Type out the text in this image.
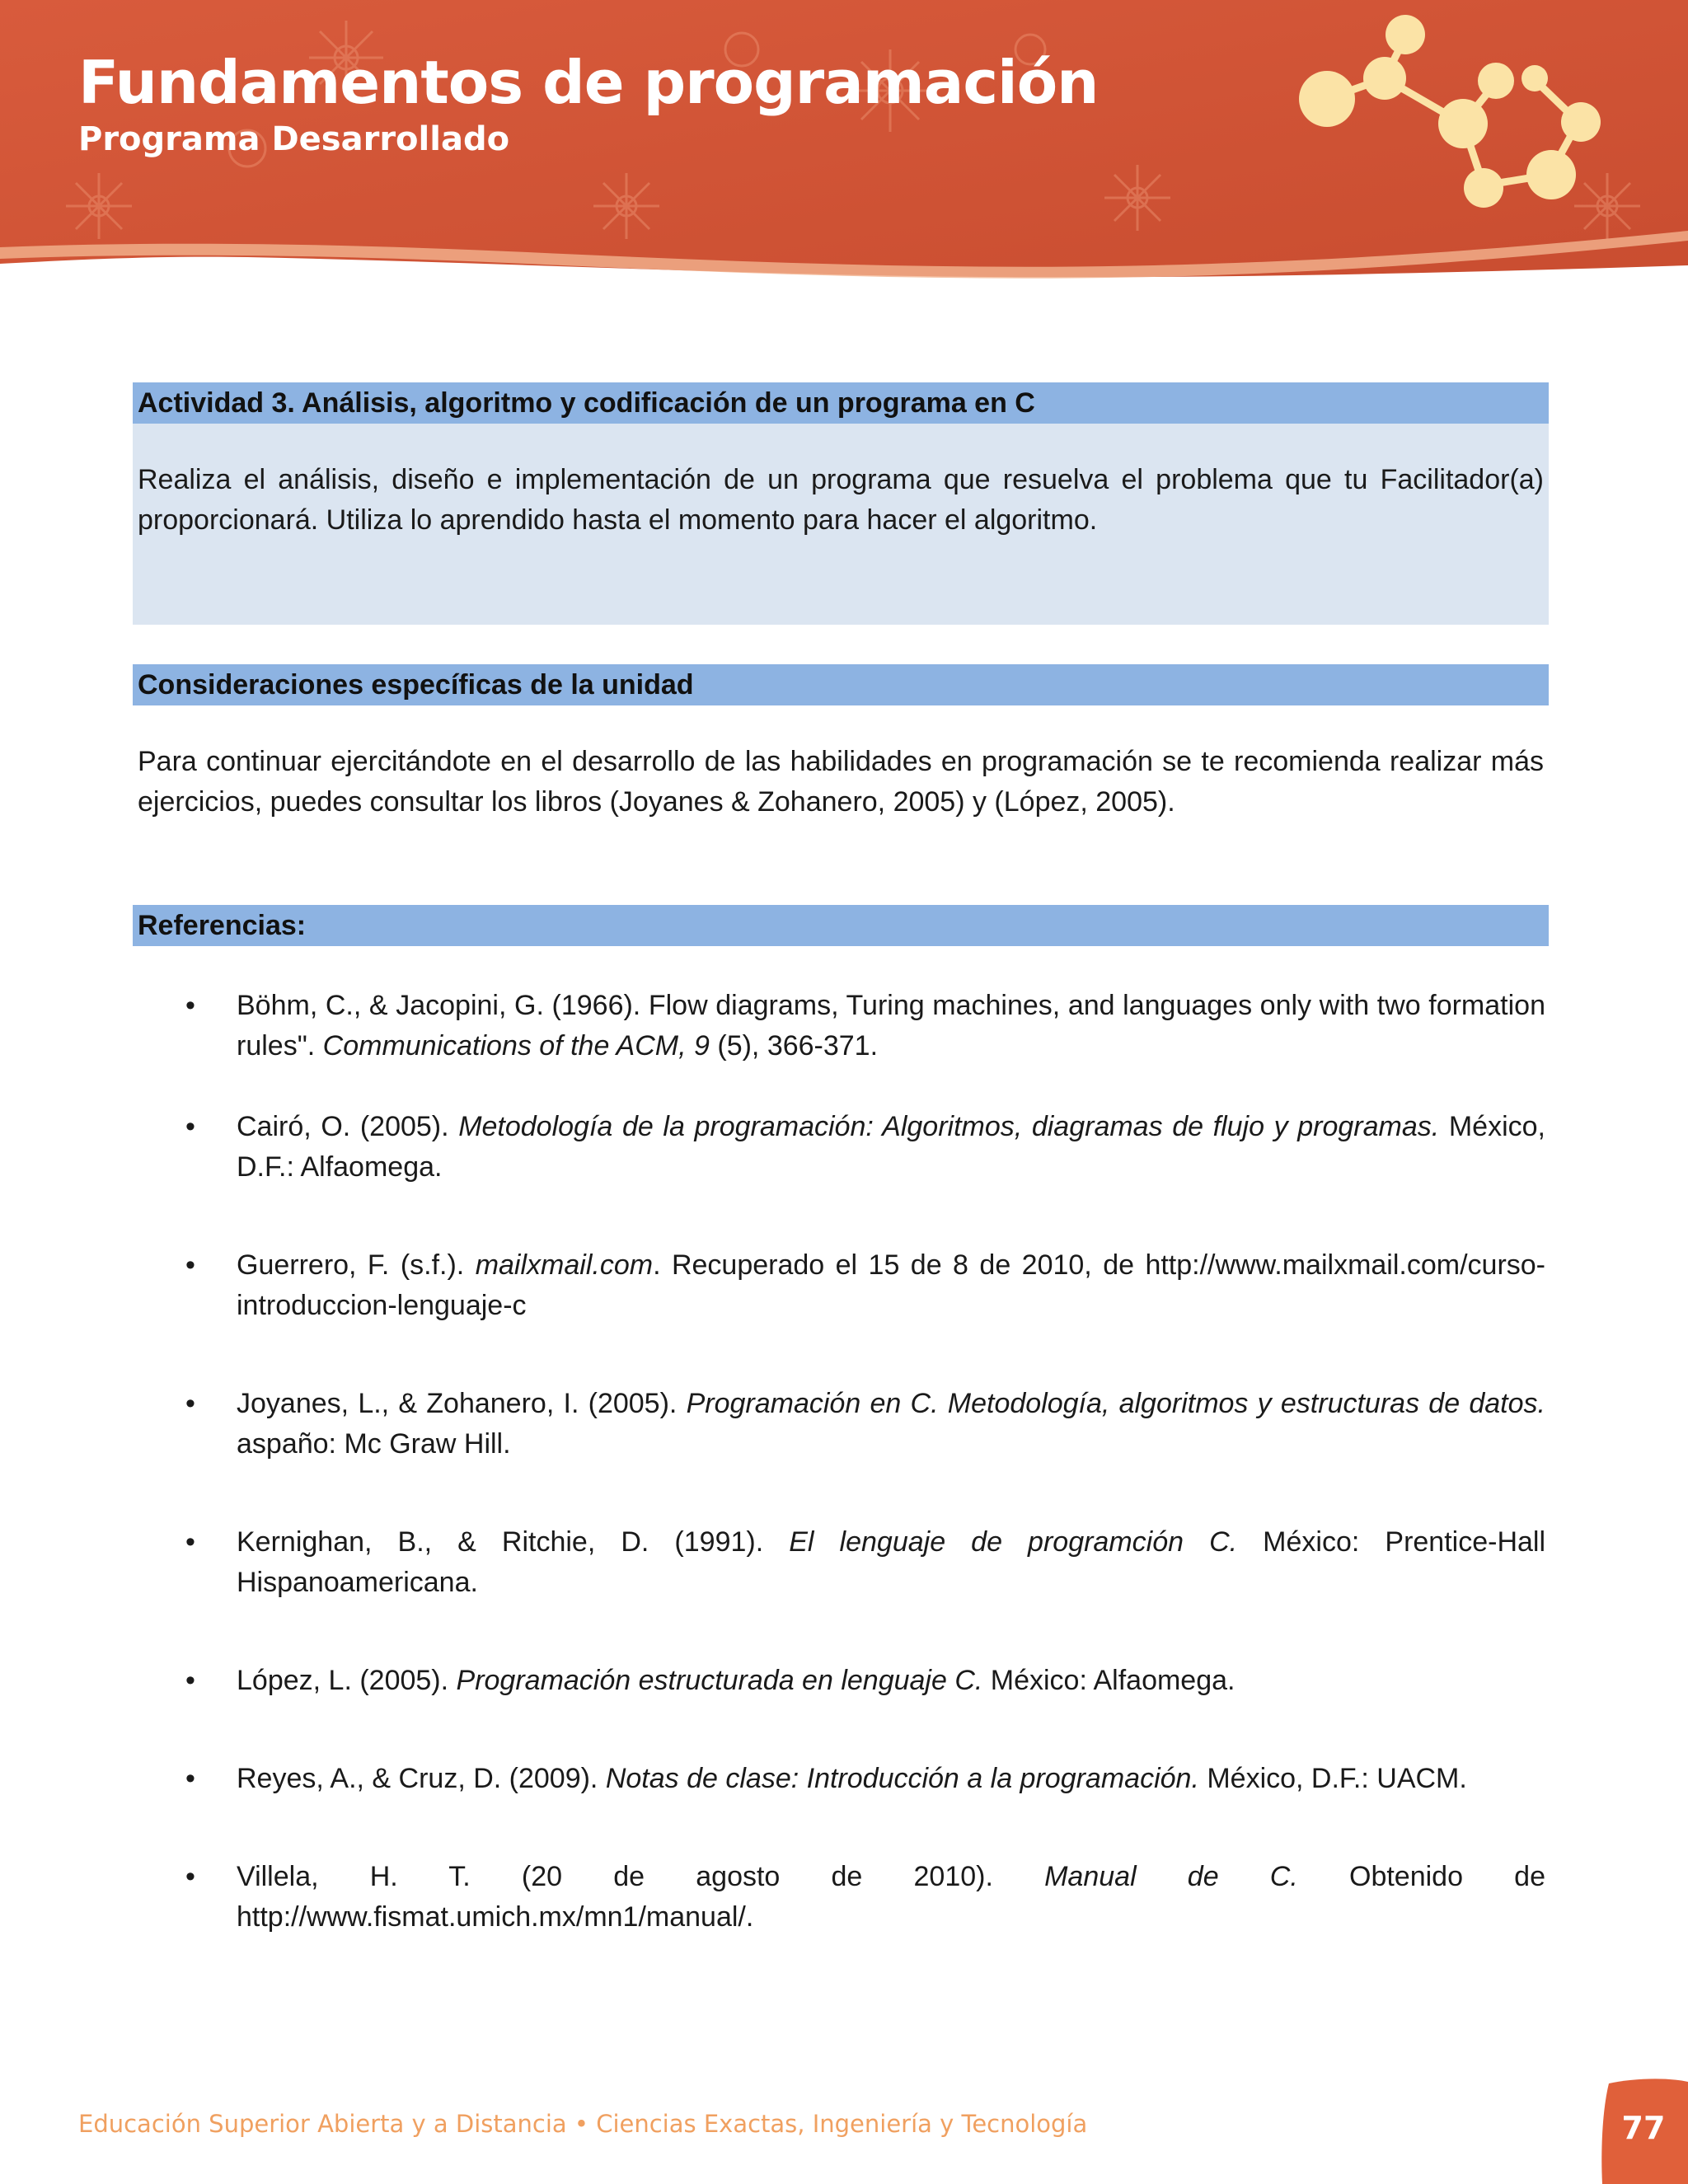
Fundamentos de programación
Programa Desarrollado
Actividad 3. Análisis, algoritmo y codificación de un programa en C

Realiza el análisis, diseño e implementación de un programa que resuelva el problema que tu Facilitador(a) proporcionará. Utiliza lo aprendido hasta el momento para hacer el algoritmo.

Consideraciones específicas de la unidad

Para continuar ejercitándote en el desarrollo de las habilidades en programación se te recomienda realizar más ejercicios, puedes consultar los libros (Joyanes & Zohanero, 2005) y (López, 2005).

Referencias:
• Böhm, C., & Jacopini, G. (1966). Flow diagrams, Turing machines, and languages only with two formation rules". Communications of the ACM, 9 (5), 366-371.
• Cairó, O. (2005). Metodología de la programación: Algoritmos, diagramas de flujo y programas. México, D.F.: Alfaomega.
• Guerrero, F. (s.f.). mailxmail.com. Recuperado el 15 de 8 de 2010, de http://www.mailxmail.com/curso-introduccion-lenguaje-c
• Joyanes, L., & Zohanero, I. (2005). Programación en C. Metodología, algoritmos y estructuras de datos. aspaño: Mc Graw Hill.
• Kernighan, B., & Ritchie, D. (1991). El lenguaje de programción C. México: Prentice-Hall Hispanoamericana.
• López, L. (2005). Programación estructurada en lenguaje C. México: Alfaomega.
• Reyes, A., & Cruz, D. (2009). Notas de clase: Introducción a la programación. México, D.F.: UACM.
• Villela, H. T. (20 de agosto de 2010). Manual de C. Obtenido de http://www.fismat.umich.mx/mn1/manual/.

Educación Superior Abierta y a Distancia • Ciencias Exactas, Ingeniería y Tecnología	77
